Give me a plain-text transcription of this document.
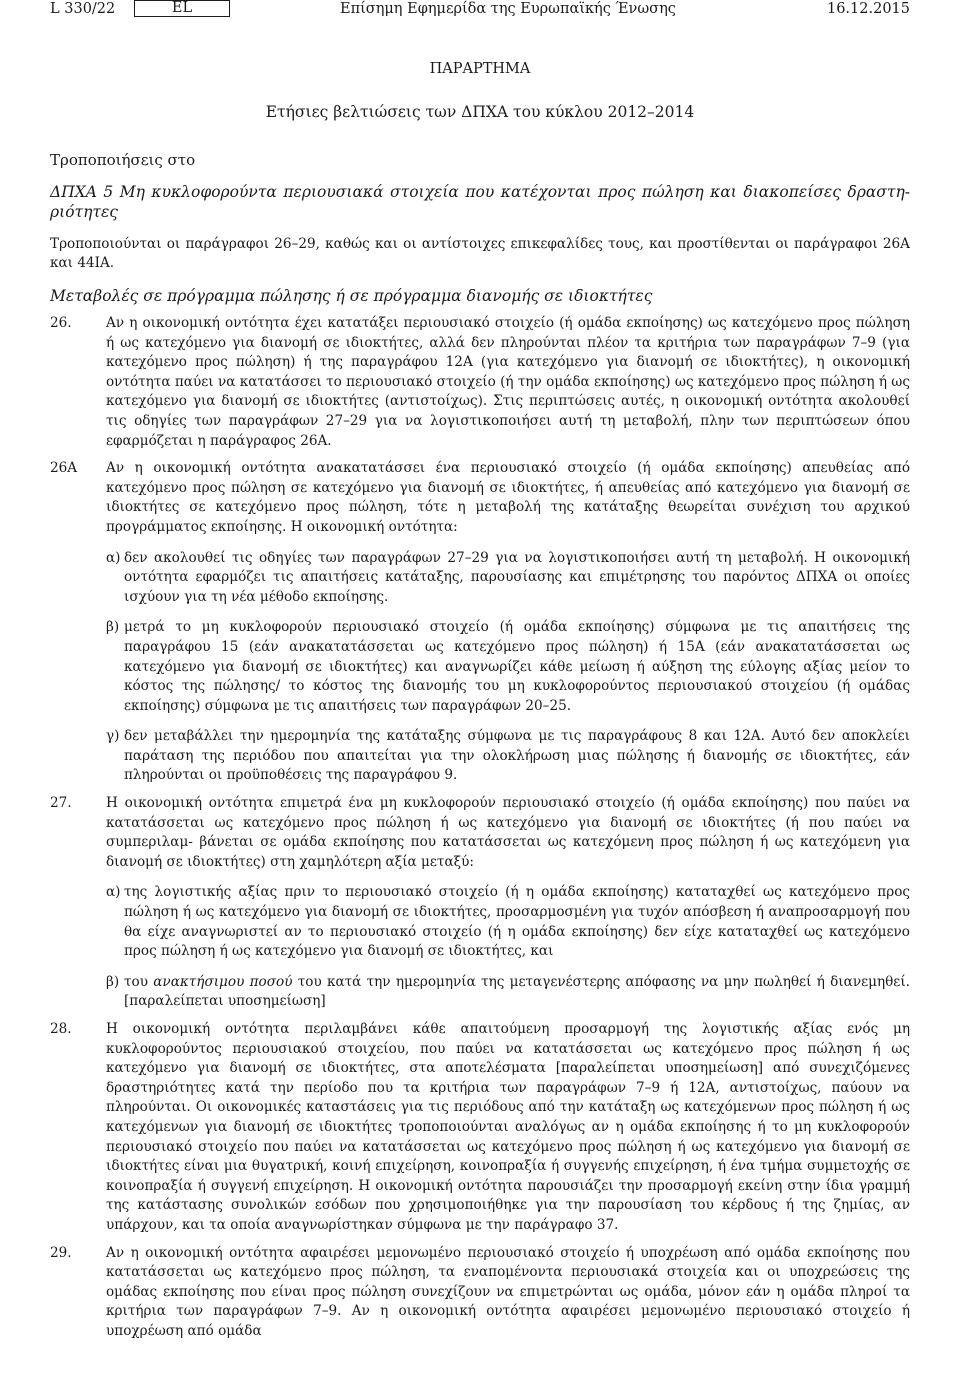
L 330/22	EL	Επίσημη Εφημερίδα της Ευρωπαϊκής Ένωσης	16.12.2015
ΠΑΡΑΡΤΗΜΑ
Ετήσιες βελτιώσεις των ΔΠΧΑ του κύκλου 2012–2014
Τροποποιήσεις στο
ΔΠΧΑ 5 Μη κυκλοφορούντα περιουσιακά στοιχεία που κατέχονται προς πώληση και διακοπείσες δραστη- ριότητες
Τροποποιούνται οι παράγραφοι 26–29, καθώς και οι αντίστοιχες επικεφαλίδες τους, και προστίθενται οι παράγραφοι 26Α και 44ΙΑ.
Μεταβολές σε πρόγραμμα πώλησης ή σε πρόγραμμα διανομής σε ιδιοκτήτες
26.	Αν η οικονομική οντότητα έχει κατατάξει περιουσιακό στοιχείο (ή ομάδα εκποίησης) ως κατεχόμενο προς πώληση ή ως κατεχόμενο για διανομή σε ιδιοκτήτες, αλλά δεν πληρούνται πλέον τα κριτήρια των παραγράφων 7–9 (για κατεχόμενο προς πώληση) ή της παραγράφου 12Α (για κατεχόμενο για διανομή σε ιδιοκτήτες), η οικονομική οντότητα παύει να κατατάσσει το περιουσιακό στοιχείο (ή την ομάδα εκποίησης) ως κατεχόμενο προς πώληση ή ως κατεχόμενο για διανομή σε ιδιοκτήτες (αντιστοίχως). Στις περιπτώσεις αυτές, η οικονομική οντότητα ακολουθεί τις οδηγίες των παραγράφων 27–29 για να λογιστικοποιήσει αυτή τη μεταβολή, πλην των περιπτώσεων όπου εφαρμόζεται η παράγραφος 26Α.

26Α	Αν η οικονομική οντότητα ανακατατάσσει ένα περιουσιακό στοιχείο (ή ομάδα εκποίησης) απευθείας από κατεχόμενο προς πώληση σε κατεχόμενο για διανομή σε ιδιοκτήτες, ή απευθείας από κατεχόμενο για διανομή σε ιδιοκτήτες σε κατεχόμενο προς πώληση, τότε η μεταβολή της κατάταξης θεωρείται συνέχιση του αρχικού προγράμματος εκποίησης. Η οικονομική οντότητα:

α) δεν ακολουθεί τις οδηγίες των παραγράφων 27–29 για να λογιστικοποιήσει αυτή τη μεταβολή. Η οικονομική οντότητα εφαρμόζει τις απαιτήσεις κατάταξης, παρουσίασης και επιμέτρησης του παρόντος ΔΠΧΑ οι οποίες ισχύουν για τη νέα μέθοδο εκποίησης.
β) μετρά το μη κυκλοφορούν περιουσιακό στοιχείο (ή ομάδα εκποίησης) σύμφωνα με τις απαιτήσεις της παραγράφου 15 (εάν ανακατατάσσεται ως κατεχόμενο προς πώληση) ή 15Α (εάν ανακατατάσσεται ως κατεχόμενο για διανομή σε ιδιοκτήτες) και αναγνωρίζει κάθε μείωση ή αύξηση της εύλογης αξίας μείον το κόστος της πώλησης/ το κόστος της διανομής του μη κυκλοφορούντος περιουσιακού στοιχείου (ή ομάδας εκποίησης) σύμφωνα με τις απαιτήσεις των παραγράφων 20–25.
γ) δεν μεταβάλλει την ημερομηνία της κατάταξης σύμφωνα με τις παραγράφους 8 και 12Α. Αυτό δεν αποκλείει παράταση της περιόδου που απαιτείται για την ολοκλήρωση μιας πώλησης ή διανομής σε ιδιοκτήτες, εάν πληρούνται οι προϋποθέσεις της παραγράφου 9.
27.	Η οικονομική οντότητα επιμετρά ένα μη κυκλοφορούν περιουσιακό στοιχείο (ή ομάδα εκποίησης) που παύει να κατατάσσεται ως κατεχόμενο προς πώληση ή ως κατεχόμενο για διανομή σε ιδιοκτήτες (ή που παύει να συμπεριλαμ- βάνεται σε ομάδα εκποίησης που κατατάσσεται ως κατεχόμενη προς πώληση ή ως κατεχόμενη για διανομή σε ιδιοκτήτες) στη χαμηλότερη αξία μεταξύ:

α) της λογιστικής αξίας πριν το περιουσιακό στοιχείο (ή η ομάδα εκποίησης) καταταχθεί ως κατεχόμενο προς πώληση ή ως κατεχόμενο για διανομή σε ιδιοκτήτες, προσαρμοσμένη για τυχόν απόσβεση ή αναπροσαρμογή που θα είχε αναγνωριστεί αν το περιουσιακό στοιχείο (ή η ομάδα εκποίησης) δεν είχε καταταχθεί ως κατεχόμενο προς πώληση ή ως κατεχόμενο για διανομή σε ιδιοκτήτες, και
β) του ανακτήσιμου ποσού του κατά την ημερομηνία της μεταγενέστερης απόφασης να μην πωληθεί ή διανεμηθεί. [παραλείπεται υποσημείωση]
28.	Η οικονομική οντότητα περιλαμβάνει κάθε απαιτούμενη προσαρμογή της λογιστικής αξίας ενός μη κυκλοφορούντος περιουσιακού στοιχείου, που παύει να κατατάσσεται ως κατεχόμενο προς πώληση ή ως κατεχόμενο για διανομή σε ιδιοκτήτες, στα αποτελέσματα [παραλείπεται υποσημείωση] από συνεχιζόμενες δραστηριότητες κατά την περίοδο που τα κριτήρια των παραγράφων 7–9 ή 12Α, αντιστοίχως, παύουν να πληρούνται. Οι οικονομικές καταστάσεις για τις περιόδους από την κατάταξη ως κατεχόμενων προς πώληση ή ως κατεχόμενων για διανομή σε ιδιοκτήτες τροποποιούνται αναλόγως αν η ομάδα εκποίησης ή το μη κυκλοφορούν περιουσιακό στοιχείο που παύει να κατατάσσεται ως κατεχόμενο προς πώληση ή ως κατεχόμενο για διανομή σε ιδιοκτήτες είναι μια θυγατρική, κοινή επιχείρηση, κοινοπραξία ή συγγενής επιχείρηση, ή ένα τμήμα συμμετοχής σε κοινοπραξία ή συγγενή επιχείρηση. Η οικονομική οντότητα παρουσιάζει την προσαρμογή εκείνη στην ίδια γραμμή της κατάστασης συνολικών εσόδων που χρησιμοποιήθηκε για την παρουσίαση του κέρδους ή της ζημίας, αν υπάρχουν, και τα οποία αναγνωρίστηκαν σύμφωνα με την παράγραφο 37.

29.	Αν η οικονομική οντότητα αφαιρέσει μεμονωμένο περιουσιακό στοιχείο ή υποχρέωση από ομάδα εκποίησης που κατατάσσεται ως κατεχόμενο προς πώληση, τα εναπομένοντα περιουσιακά στοιχεία και οι υποχρεώσεις της ομάδας εκποίησης που είναι προς πώληση συνεχίζουν να επιμετρώνται ως ομάδα, μόνον εάν η ομάδα πληροί τα κριτήρια των παραγράφων 7–9. Αν η οικονομική οντότητα αφαιρέσει μεμονωμένο περιουσιακό στοιχείο ή υποχρέωση από ομάδα
